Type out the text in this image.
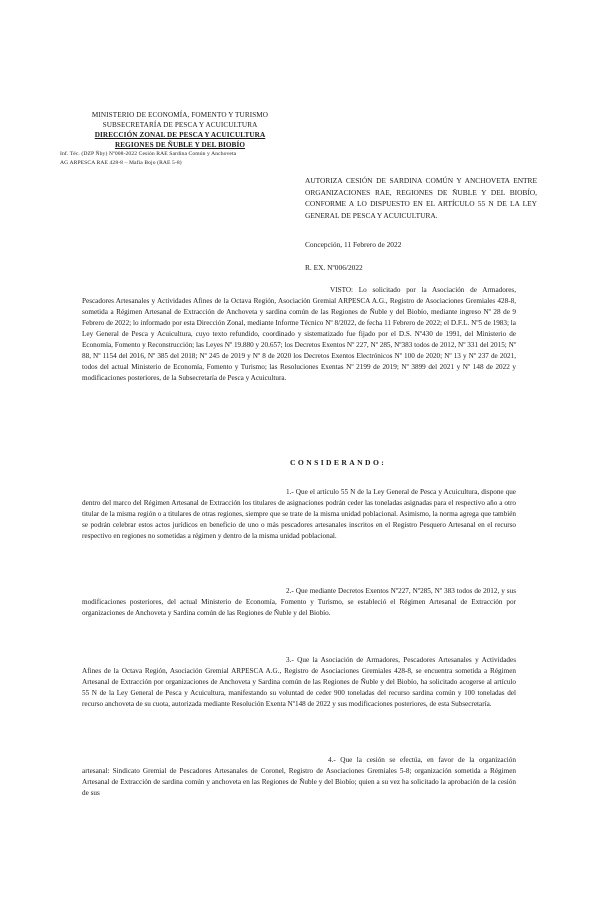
MINISTERIO DE ECONOMÍA, FOMENTO Y TURISMO
SUBSECRETARÍA DE PESCA Y ACUICULTURA
DIRECCIÓN ZONAL DE PESCA Y ACUICULTURA
REGIONES DE ÑUBLE Y DEL BIOBÍO
Inf. Téc. (DZP Ñby) Nº008-2022 Cesión RAE Sardina Común y Anchoveta
AG ARPESCA RAE 428-8 – Mafia Bojo (RAE 5-8)
AUTORIZA CESIÓN DE SARDINA COMÚN Y ANCHOVETA ENTRE ORGANIZACIONES RAE, REGIONES DE ÑUBLE Y DEL BIOBÍO, CONFORME A LO DISPUESTO EN EL ARTÍCULO 55 N DE LA LEY GENERAL DE PESCA Y ACUICULTURA.
Concepción, 11 Febrero de 2022
R. EX. Nº006/2022

VISTO: Lo solicitado por la Asociación de Armadores, Pescadores Artesanales y Actividades Afines de la Octava Región, Asociación Gremial ARPESCA A.G., Registro de Asociaciones Gremiales 428-8, sometida a Régimen Artesanal de Extracción de Anchoveta y sardina común de las Regiones de Ñuble y del Biobío, mediante ingreso Nº 28 de 9 Febrero de 2022; lo informado por esta Dirección Zonal, mediante Informe Técnico Nº 8/2022, de fecha 11 Febrero de 2022; el D.F.L. Nº5 de 1983; la Ley General de Pesca y Acuicultura, cuyo texto refundido, coordinado y sistematizado fue fijado por el D.S. Nº430 de 1991, del Ministerio de Economía, Fomento y Reconstrucción; las Leyes Nº 19.880 y 20.657; los Decretos Exentos Nº 227, Nº 285, Nº383 todos de 2012, Nº 331 del 2015; Nº 88, Nº 1154 del 2016, Nº 385 del 2018; Nº 245 de 2019 y Nº 8 de 2020 los Decretos Exentos Electrónicos Nº 100 de 2020; Nº 13 y Nº 237 de 2021, todos del actual Ministerio de Economía, Fomento y Turismo; las Resoluciones Exentas Nº 2199 de 2019; Nº 3899 del 2021 y Nº 148 de 2022 y modificaciones posteriores, de la Subsecretaría de Pesca y Acuicultura.

CONSIDERANDO:

1.- Que el artículo 55 N de la Ley General de Pesca y Acuicultura, dispone que dentro del marco del Régimen Artesanal de Extracción los titulares de asignaciones podrán ceder las toneladas asignadas para el respectivo año a otro titular de la misma región o a titulares de otras regiones, siempre que se trate de la misma unidad poblacional. Asimismo, la norma agrega que también se podrán celebrar estos actos jurídicos en beneficio de uno o más pescadores artesanales inscritos en el Registro Pesquero Artesanal en el recurso respectivo en regiones no sometidas a régimen y dentro de la misma unidad poblacional.

2.- Que mediante Decretos Exentos Nº227, Nº285, Nº 383 todos de 2012, y sus modificaciones posteriores, del actual Ministerio de Economía, Fomento y Turismo, se estableció el Régimen Artesanal de Extracción por organizaciones de Anchoveta y Sardina común de las Regiones de Ñuble y del Biobío.

3.- Que la Asociación de Armadores, Pescadores Artesanales y Actividades Afines de la Octava Región, Asociación Gremial ARPESCA A.G., Registro de Asociaciones Gremiales 428-8, se encuentra sometida a Régimen Artesanal de Extracción por organizaciones de Anchoveta y Sardina común de las Regiones de Ñuble y del Biobío, ha solicitado acogerse al artículo 55 N de la Ley General de Pesca y Acuicultura, manifestando su voluntad de ceder 900 toneladas del recurso sardina común y 100 toneladas del recurso anchoveta de su cuota, autorizada mediante Resolución Exenta Nº148 de 2022 y sus modificaciones posteriores, de esta Subsecretaría.

4.- Que la cesión se efectúa, en favor de la organización artesanal: Sindicato Gremial de Pescadores Artesanales de Coronel, Registro de Asociaciones Gremiales 5-8; organización sometida a Régimen Artesanal de Extracción de sardina común y anchoveta en las Regiones de Ñuble y del Biobío; quien a su vez ha solicitado la aprobación de la cesión de sus
